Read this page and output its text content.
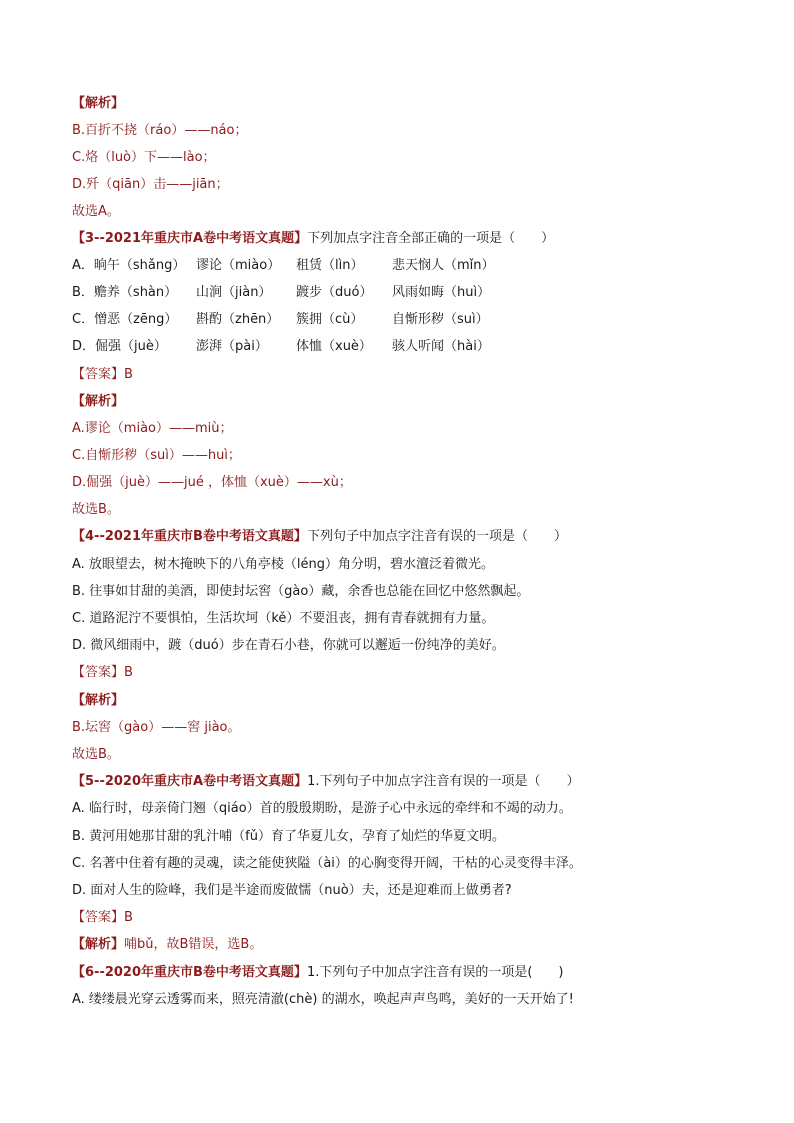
【解析】
B.百折不挠（ráo）——náo；
C.烙（luò）下——lào；
D.歼（qiān）击——jiān；
故选A。
【3--2021年重庆市A卷中考语文真题】下列加点字注音全部正确的一项是（　　）
A．晌午（shǎng） 谬论（miào） 租赁（lìn） 悲天悯人（mǐn）
B．赡养（shàn） 山涧（jiàn） 踱步（duó） 风雨如晦（huì）
C．憎恶（zēng） 斟酌（zhēn） 簇拥（cù） 自惭形秽（suì）
D．倔强（juè） 澎湃（pài） 体恤（xuè） 骇人听闻（hài）
【答案】B
【解析】
A.谬论（miào）——miù；
C.自惭形秽（suì）——huì；
D.倔强（juè）——jué ，体恤（xuè）——xù；
故选B。
【4--2021年重庆市B卷中考语文真题】下列句子中加点字注音有误的一项是（　　）
A. 放眼望去，树木掩映下的八角亭棱（léng）角分明，碧水澶泛着微光。
B. 往事如甘甜的美酒，即使封坛窖（gào）藏，余香也总能在回忆中悠然飘起。
C. 道路泥泞不要惧怕，生活坎坷（kě）不要沮丧，拥有青春就拥有力量。
D. 微风细雨中，踱（duó）步在青石小巷，你就可以邂逅一份纯净的美好。
【答案】B
【解析】
B.坛窖（gào）——窖 jiào。
故选B。
【5--2020年重庆市A卷中考语文真题】1.下列句子中加点字注音有误的一项是（　　）
A. 临行时，母亲倚门翘（qiáo）首的殷殷期盼，是游子心中永远的牵绊和不竭的动力。
B. 黄河用她那甘甜的乳汁哺（fǔ）育了华夏儿女，孕育了灿烂的华夏文明。
C. 名著中住着有趣的灵魂，读之能使狭隘（ài）的心胸变得开阔，干枯的心灵变得丰泽。
D. 面对人生的险峰，我们是半途而废做懦（nuò）夫，还是迎难而上做勇者?
【答案】B
【解析】哺bǔ，故B错误，选B。
【6--2020年重庆市B卷中考语文真题】1.下列句子中加点字注音有误的一项是(　　)
A. 缕缕晨光穿云透雾而来，照亮清澈(chè) 的湖水，唤起声声鸟鸣，美好的一天开始了!
